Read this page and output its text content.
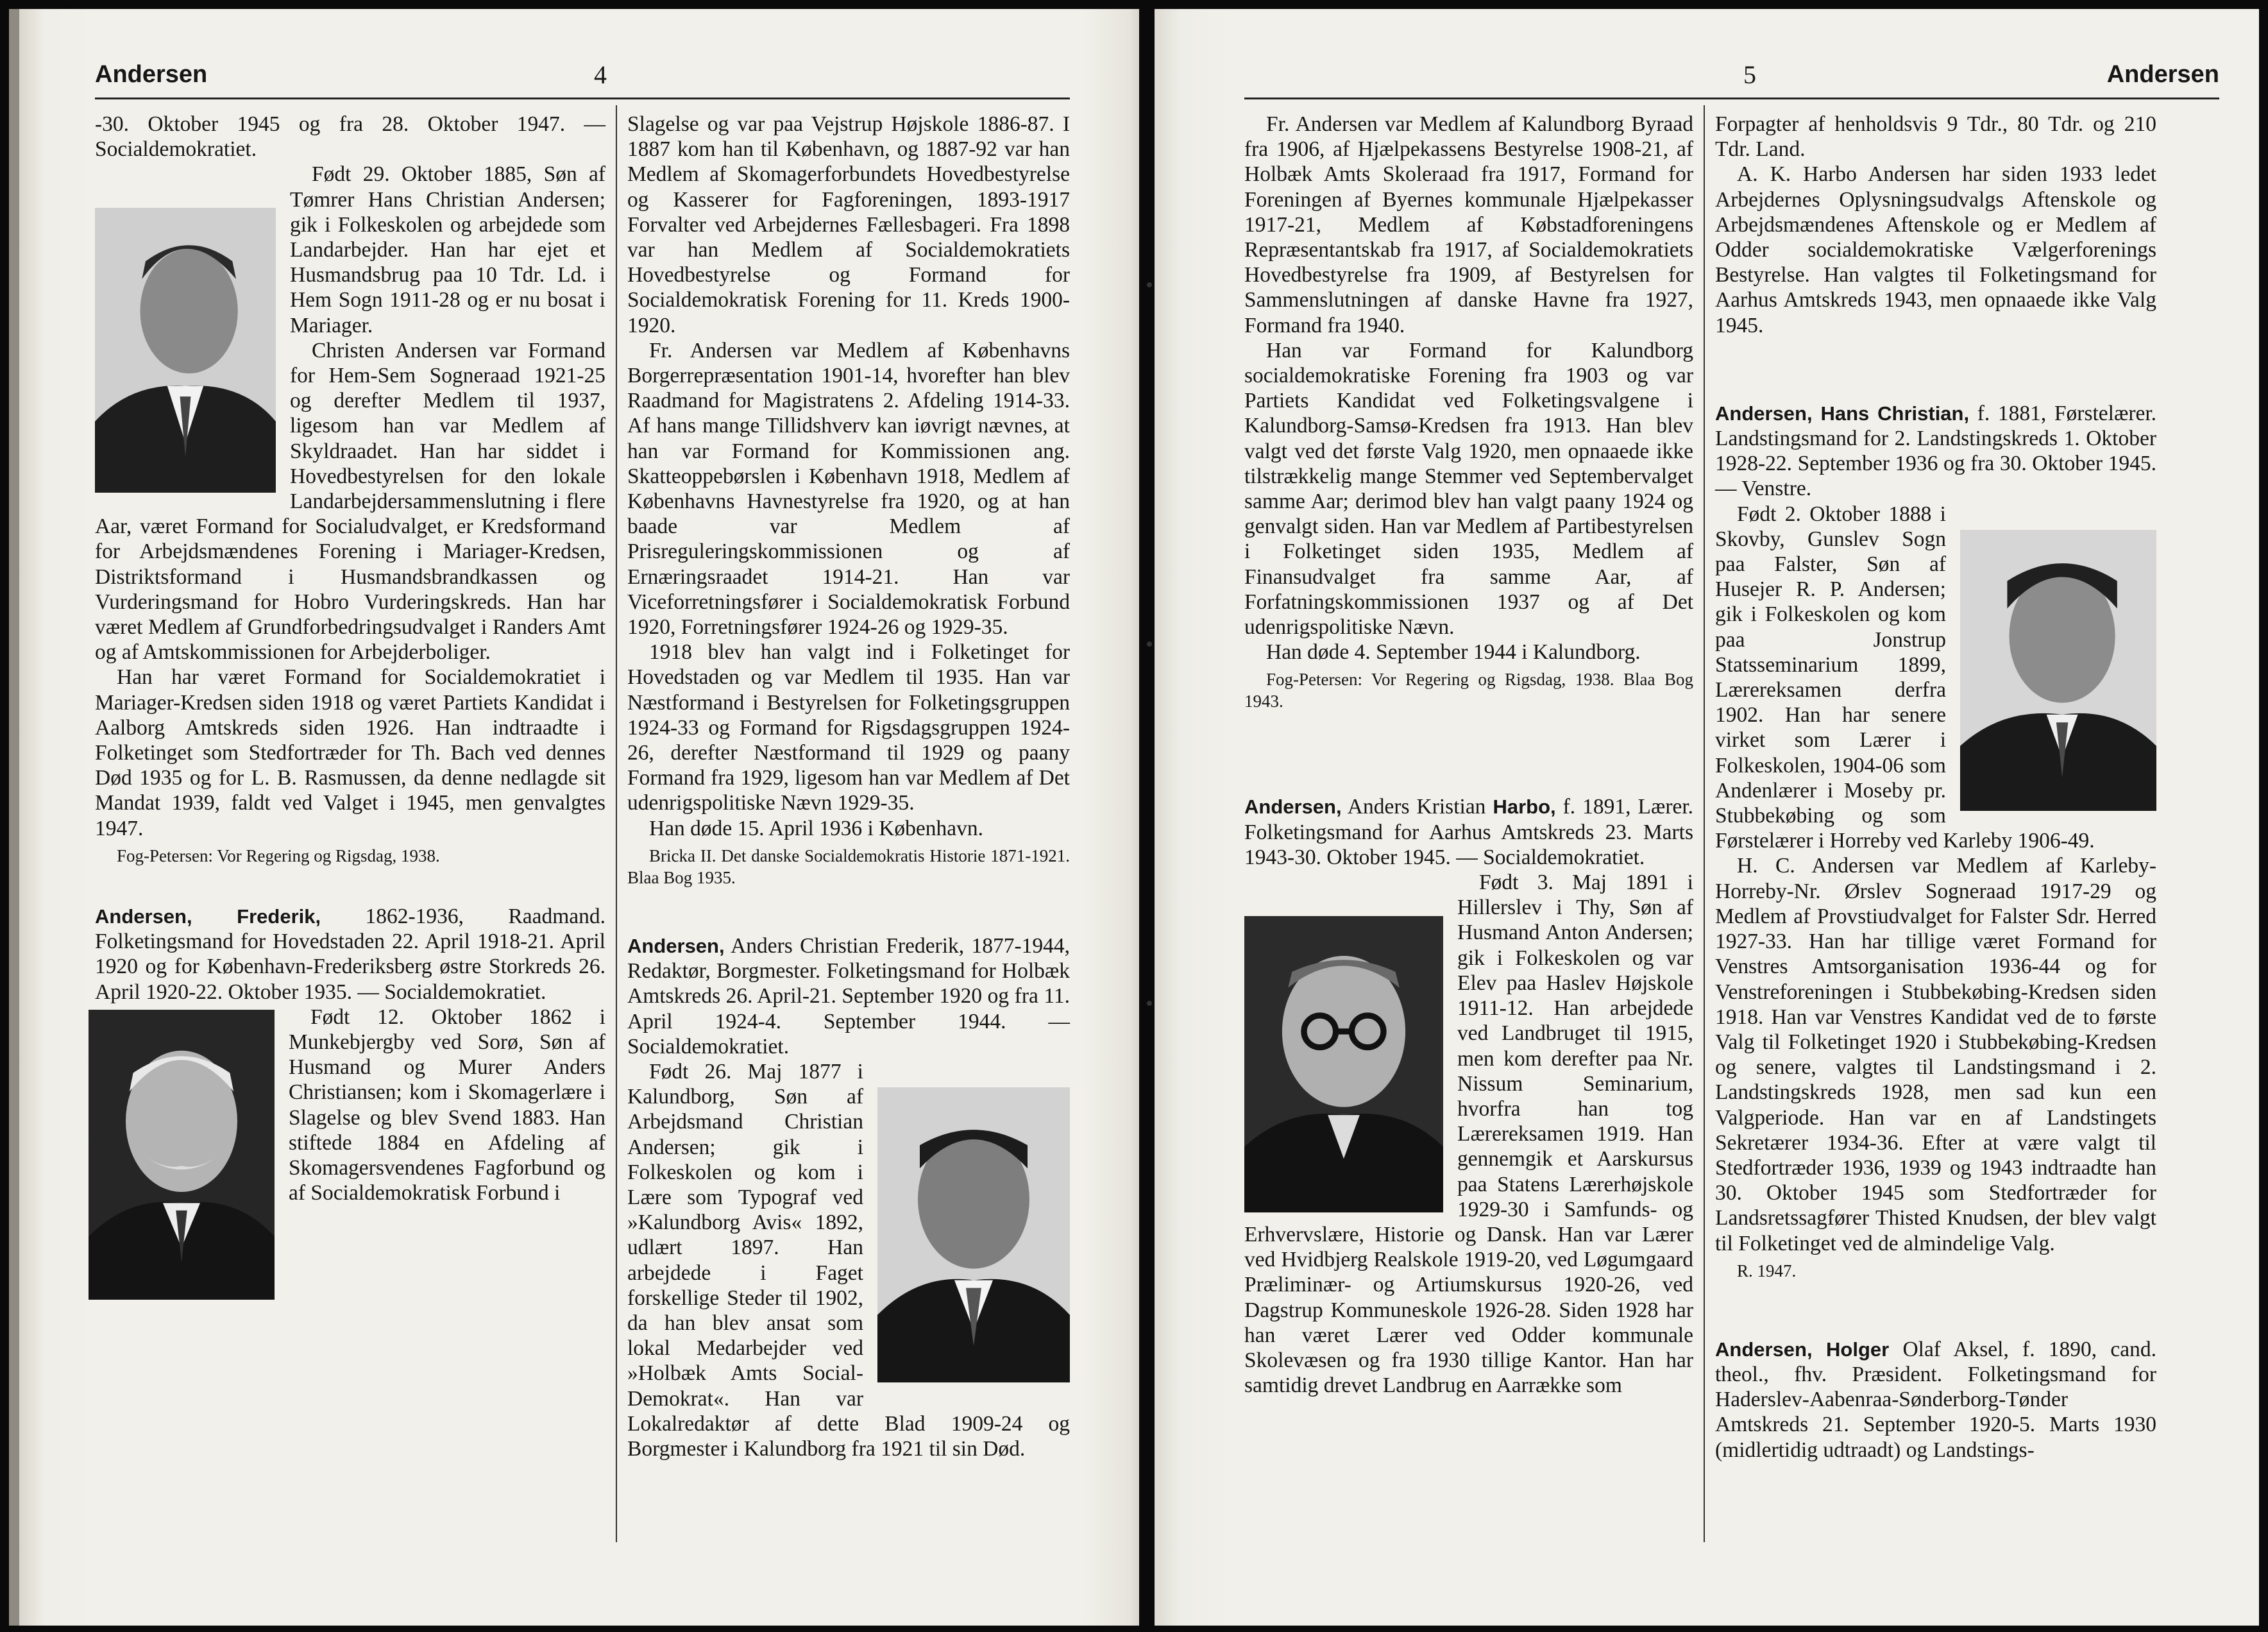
Andersen	4

-30. Oktober 1945 og fra 28. Oktober 1947. — Socialdemokratiet.

Født 29. Oktober 1885, Søn af Tømrer Hans Christian Andersen; gik i Folkeskolen og arbejdede som Landarbejder. Han har ejet et Husmandsbrug paa 10 Tdr. Ld. i Hem Sogn 1911-28 og er nu bosat i Mariager.

Christen Andersen var Formand for Hem-Sem Sogneraad 1921-25 og derefter Medlem til 1937, ligesom han var Medlem af Skyldraadet. Han har siddet i Hovedbestyrelsen for den lokale Landarbejdersammenslutning i flere Aar, været Formand for Socialudvalget, er Kredsformand for Arbejdsmændenes Forening i Mariager-Kredsen, Distriktsformand i Husmandsbrandkassen og Vurderingsmand for Hobro Vurderingskreds. Han har været Medlem af Grundforbedringsudvalget i Randers Amt og af Amtskommissionen for Arbejderboliger.

Han har været Formand for Socialdemokratiet i Mariager-Kredsen siden 1918 og været Partiets Kandidat i Aalborg Amtskreds siden 1926. Han indtraadte i Folketinget som Stedfortræder for Th. Bach ved dennes Død 1935 og for L. B. Rasmussen, da denne nedlagde sit Mandat 1939, faldt ved Valget i 1945, men genvalgtes 1947.

Fog-Petersen: Vor Regering og Rigsdag, 1938.

Andersen, Frederik, 1862-1936, Raadmand. Folketingsmand for Hovedstaden 22. April 1918-21. April 1920 og for København-Frederiksberg østre Storkreds 26. April 1920-22. Oktober 1935. — Socialdemokratiet.

Født 12. Oktober 1862 i Munkebjergby ved Sorø, Søn af Husmand og Murer Anders Christiansen; kom i Skomagerlære i Slagelse og blev Svend 1883. Han stiftede 1884 en Afdeling af Skomagersvendenes Fagforbund og af Socialdemokratisk Forbund i

Slagelse og var paa Vejstrup Højskole 1886-87. I 1887 kom han til København, og 1887-92 var han Medlem af Skomagerforbundets Hovedbestyrelse og Kasserer for Fagforeningen, 1893-1917 Forvalter ved Arbejdernes Fællesbageri. Fra 1898 var han Medlem af Socialdemokratiets Hovedbestyrelse og Formand for Socialdemokratisk Forening for 11. Kreds 1900-1920.

Fr. Andersen var Medlem af Københavns Borgerrepræsentation 1901-14, hvorefter han blev Raadmand for Magistratens 2. Afdeling 1914-33. Af hans mange Tillidshverv kan iøvrigt nævnes, at han var Formand for Kommissionen ang. Skatteoppebørslen i København 1918, Medlem af Københavns Havnestyrelse fra 1920, og at han baade var Medlem af Prisreguleringskommissionen og af Ernæringsraadet 1914-21. Han var Viceforretningsfører i Socialdemokratisk Forbund 1920, Forretningsfører 1924-26 og 1929-35.

1918 blev han valgt ind i Folketinget for Hovedstaden og var Medlem til 1935. Han var Næstformand i Bestyrelsen for Folketingsgruppen 1924-33 og Formand for Rigsdagsgruppen 1924-26, derefter Næstformand til 1929 og paany Formand fra 1929, ligesom han var Medlem af Det udenrigspolitiske Nævn 1929-35.

Han døde 15. April 1936 i København.

Bricka II. Det danske Socialdemokratis Historie 1871-1921. Blaa Bog 1935.

Andersen, Anders Christian Frederik, 1877-1944, Redaktør, Borgmester. Folketingsmand for Holbæk Amtskreds 26. April-21. September 1920 og fra 11. April 1924-4. September 1944. — Socialdemokratiet.

Født 26. Maj 1877 i Kalundborg, Søn af Arbejdsmand Christian Andersen; gik i Folkeskolen og kom i Lære som Typograf ved »Kalundborg Avis« 1892, udlært 1897. Han arbejdede i Faget forskellige Steder til 1902, da han blev ansat som lokal Medarbejder ved »Holbæk Amts Social-Demokrat«. Han var Lokalredaktør af dette Blad 1909-24 og Borgmester i Kalundborg fra 1921 til sin Død.

5	Andersen

Fr. Andersen var Medlem af Kalundborg Byraad fra 1906, af Hjælpekassens Bestyrelse 1908-21, af Holbæk Amts Skoleraad fra 1917, Formand for Foreningen af Byernes kommunale Hjælpekasser 1917-21, Medlem af Købstadforeningens Repræsentantskab fra 1917, af Socialdemokratiets Hovedbestyrelse fra 1909, af Bestyrelsen for Sammenslutningen af danske Havne fra 1927, Formand fra 1940.

Han var Formand for Kalundborg socialdemokratiske Forening fra 1903 og var Partiets Kandidat ved Folketingsvalgene i Kalundborg-Samsø-Kredsen fra 1913. Han blev valgt ved det første Valg 1920, men opnaaede ikke tilstrækkelig mange Stemmer ved Septembervalget samme Aar; derimod blev han valgt paany 1924 og genvalgt siden. Han var Medlem af Partibestyrelsen i Folketinget siden 1935, Medlem af Finansudvalget fra samme Aar, af Forfatningskommissionen 1937 og af Det udenrigspolitiske Nævn.

Han døde 4. September 1944 i Kalundborg.

Fog-Petersen: Vor Regering og Rigsdag, 1938. Blaa Bog 1943.

Andersen, Anders Kristian Harbo, f. 1891, Lærer. Folketingsmand for Aarhus Amtskreds 23. Marts 1943-30. Oktober 1945. — Socialdemokratiet.

Født 3. Maj 1891 i Hillerslev i Thy, Søn af Husmand Anton Andersen; gik i Folkeskolen og var Elev paa Haslev Højskole 1911-12. Han arbejdede ved Landbruget til 1915, men kom derefter paa Nr. Nissum Seminarium, hvorfra han tog Lærereksamen 1919. Han gennemgik et Aarskursus paa Statens Lærerhøjskole 1929-30 i Samfunds- og Erhvervslære, Historie og Dansk. Han var Lærer ved Hvidbjerg Realskole 1919-20, ved Løgumgaard Præliminær- og Artiumskursus 1920-26, ved Dagstrup Kommuneskole 1926-28. Siden 1928 har han været Lærer ved Odder kommunale Skolevæsen og fra 1930 tillige Kantor. Han har samtidig drevet Landbrug en Aarrække som

Forpagter af henholdsvis 9 Tdr., 80 Tdr. og 210 Tdr. Land.

A. K. Harbo Andersen har siden 1933 ledet Arbejdernes Oplysningsudvalgs Aftenskole og Arbejdsmændenes Aftenskole og er Medlem af Odder socialdemokratiske Vælgerforenings Bestyrelse. Han valgtes til Folketingsmand for Aarhus Amtskreds 1943, men opnaaede ikke Valg 1945.

Andersen, Hans Christian, f. 1881, Førstelærer. Landstingsmand for 2. Landstingskreds 1. Oktober 1928-22. September 1936 og fra 30. Oktober 1945. — Venstre.

Født 2. Oktober 1888 i Skovby, Gunslev Sogn paa Falster, Søn af Husejer R. P. Andersen; gik i Folkeskolen og kom paa Jonstrup Statsseminarium 1899, Lærereksamen derfra 1902. Han har senere virket som Lærer i Folkeskolen, 1904-06 som Andenlærer i Moseby pr. Stubbekøbing og som Førstelærer i Horreby ved Karleby 1906-49.

H. C. Andersen var Medlem af Karleby-Horreby-Nr. Ørslev Sogneraad 1917-29 og Medlem af Provstiudvalget for Falster Sdr. Herred 1927-33. Han har tillige været Formand for Venstres Amtsorganisation 1936-44 og for Venstreforeningen i Stubbekøbing-Kredsen siden 1918. Han var Venstres Kandidat ved de to første Valg til Folketinget 1920 i Stubbekøbing-Kredsen og senere, valgtes til Landstingsmand i 2. Landstingskreds 1928, men sad kun een Valgperiode. Han var en af Landstingets Sekretærer 1934-36. Efter at være valgt til Stedfortræder 1936, 1939 og 1943 indtraadte han 30. Oktober 1945 som Stedfortræder for Landsretssagfører Thisted Knudsen, der blev valgt til Folketinget ved de almindelige Valg.

R. 1947.

Andersen, Holger Olaf Aksel, f. 1890, cand. theol., fhv. Præsident. Folketingsmand for Haderslev-Aabenraa-Sønderborg-Tønder Amtskreds 21. September 1920-5. Marts 1930 (midlertidig udtraadt) og Landstings-
